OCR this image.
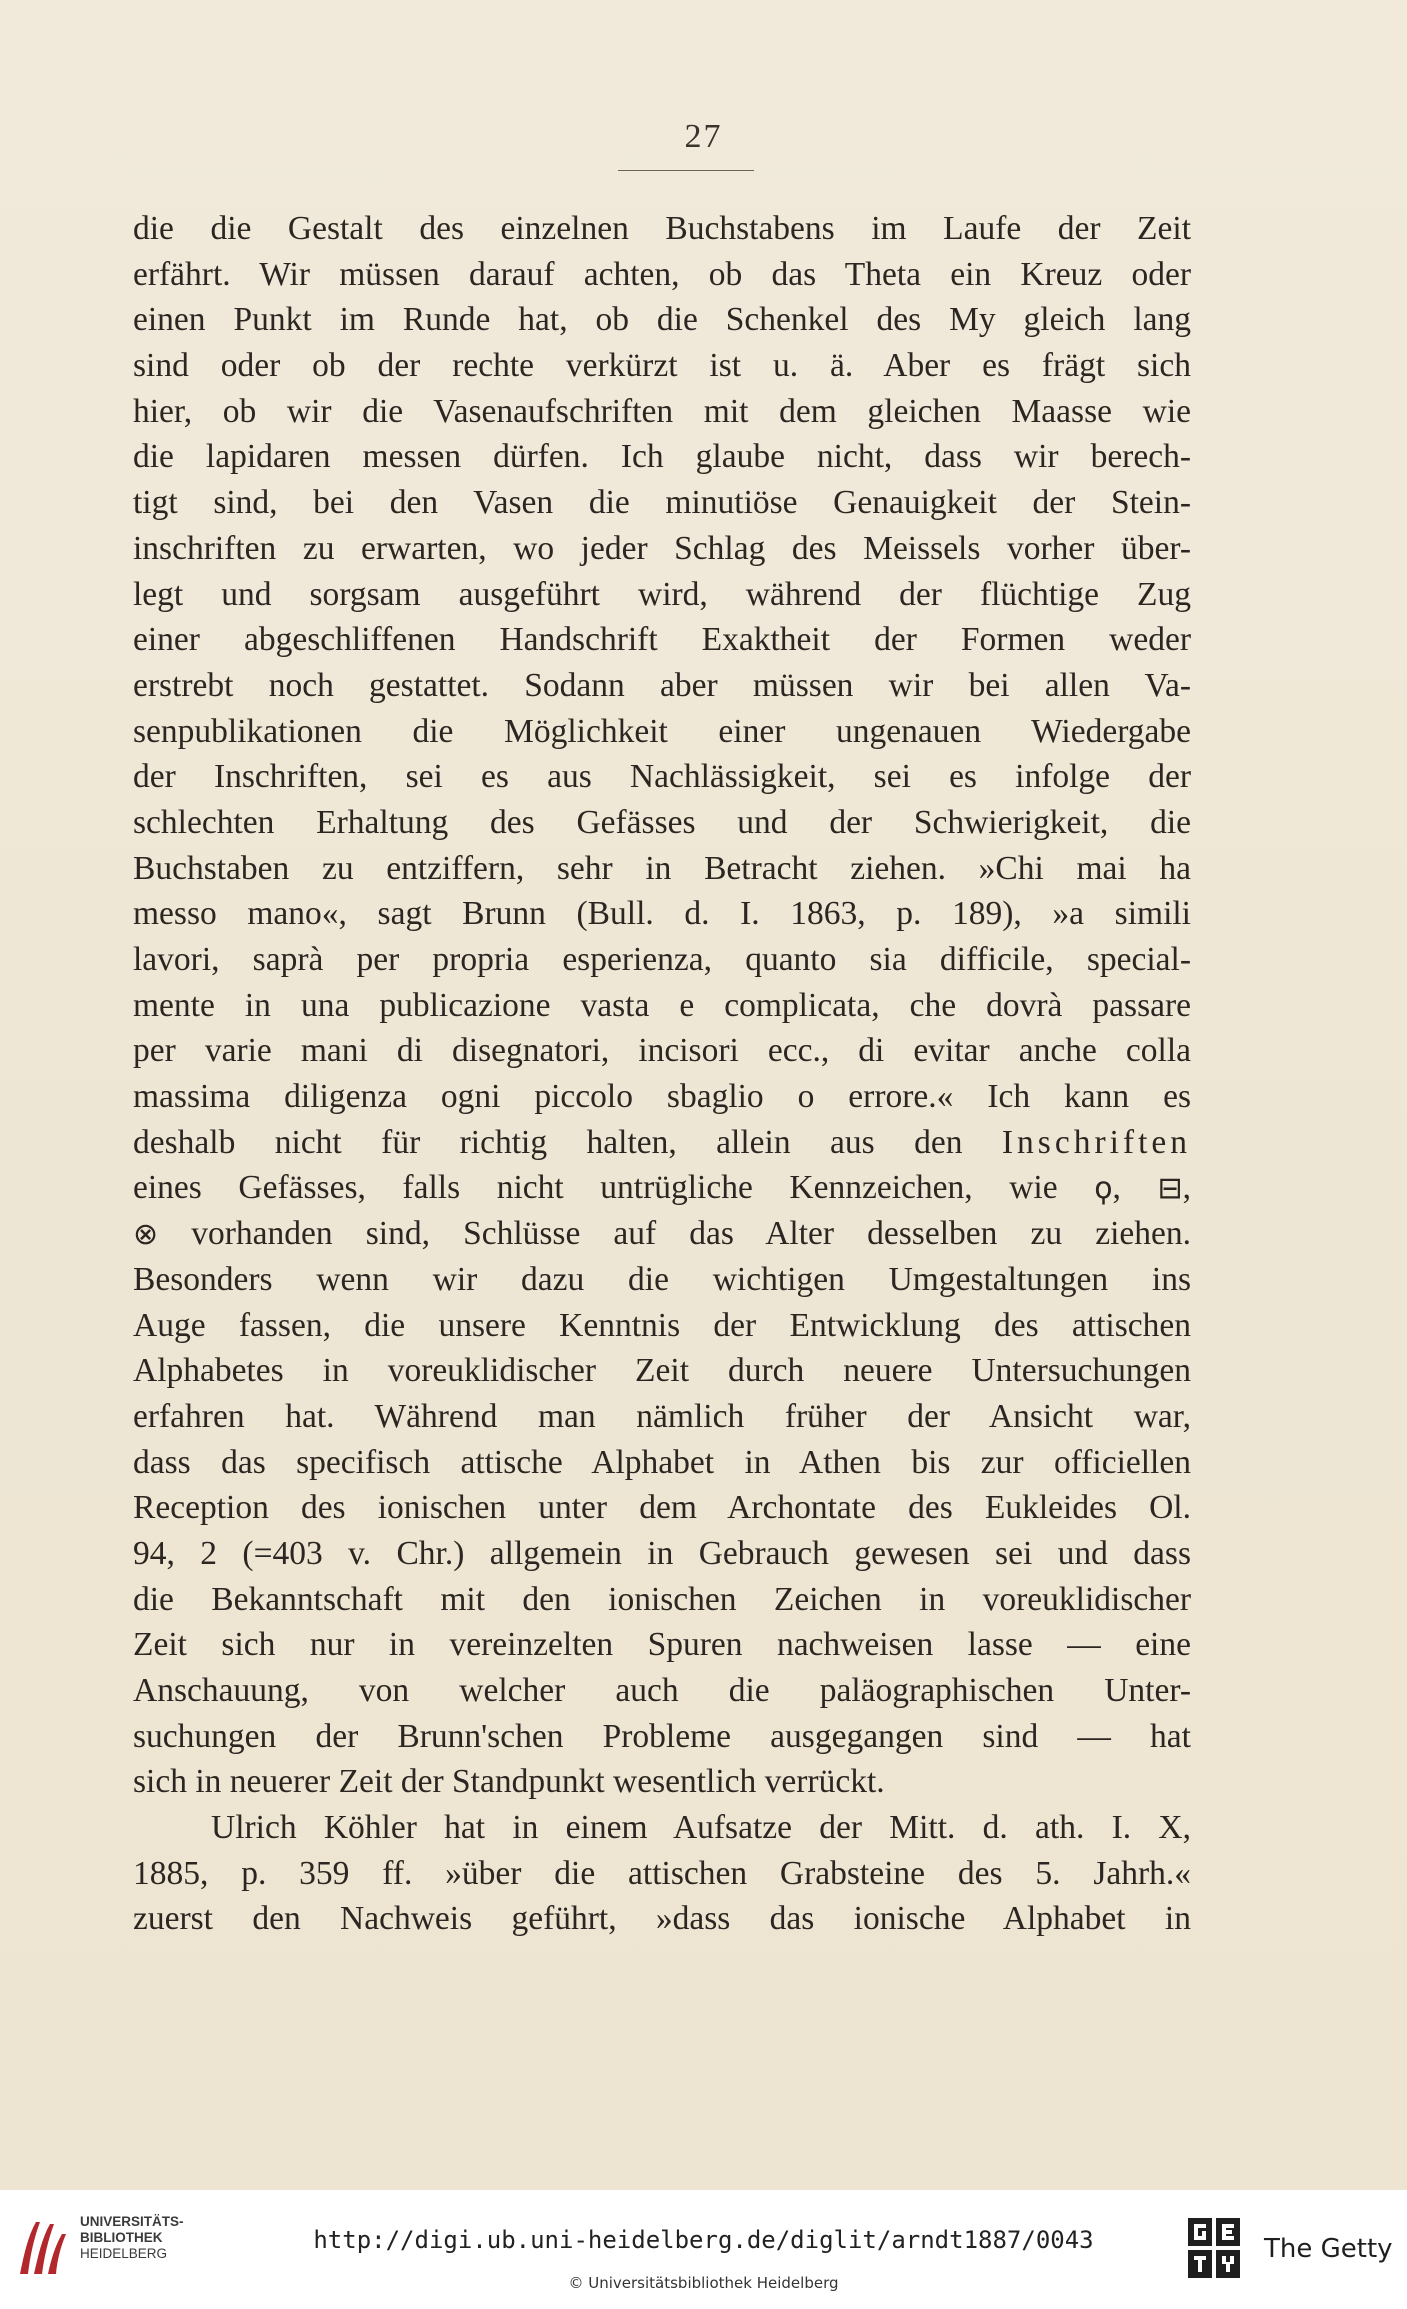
27
die die Gestalt des einzelnen Buchstabens im Laufe der Zeit
erfährt. Wir müssen darauf achten, ob das Theta ein Kreuz oder
einen Punkt im Runde hat, ob die Schenkel des My gleich lang
sind oder ob der rechte verkürzt ist u. ä. Aber es frägt sich
hier, ob wir die Vasenaufschriften mit dem gleichen Maasse wie
die lapidaren messen dürfen. Ich glaube nicht, dass wir berech-
tigt sind, bei den Vasen die minutiöse Genauigkeit der Stein-
inschriften zu erwarten, wo jeder Schlag des Meissels vorher über-
legt und sorgsam ausgeführt wird, während der flüchtige Zug
einer abgeschliffenen Handschrift Exaktheit der Formen weder
erstrebt noch gestattet. Sodann aber müssen wir bei allen Va-
senpublikationen die Möglichkeit einer ungenauen Wiedergabe
der Inschriften, sei es aus Nachlässigkeit, sei es infolge der
schlechten Erhaltung des Gefässes und der Schwierigkeit, die
Buchstaben zu entziffern, sehr in Betracht ziehen. »Chi mai ha
messo mano«, sagt Brunn (Bull. d. I. 1863, p. 189), »a simili
lavori, saprà per propria esperienza, quanto sia difficile, special-
mente in una publicazione vasta e complicata, che dovrà passare
per varie mani di disegnatori, incisori ecc., di evitar anche colla
massima diligenza ogni piccolo sbaglio o errore.« Ich kann es
deshalb nicht für richtig halten, allein aus den Inschriften
eines Gefässes, falls nicht untrügliche Kennzeichen, wie ϙ, ⊟,
⊗ vorhanden sind, Schlüsse auf das Alter desselben zu ziehen.
Besonders wenn wir dazu die wichtigen Umgestaltungen ins
Auge fassen, die unsere Kenntnis der Entwicklung des attischen
Alphabetes in voreuklidischer Zeit durch neuere Untersuchungen
erfahren hat. Während man nämlich früher der Ansicht war,
dass das specifisch attische Alphabet in Athen bis zur officiellen
Reception des ionischen unter dem Archontate des Eukleides Ol.
94, 2 (=403 v. Chr.) allgemein in Gebrauch gewesen sei und dass
die Bekanntschaft mit den ionischen Zeichen in voreuklidischer
Zeit sich nur in vereinzelten Spuren nachweisen lasse — eine
Anschauung, von welcher auch die paläographischen Unter-
suchungen der Brunn'schen Probleme ausgegangen sind — hat
sich in neuerer Zeit der Standpunkt wesentlich verrückt.
Ulrich Köhler hat in einem Aufsatze der Mitt. d. ath. I. X,
1885, p. 359 ff. »über die attischen Grabsteine des 5. Jahrh.«
zuerst den Nachweis geführt, »dass das ionische Alphabet in
UNIVERSITÄTS-
BIBLIOTHEK
HEIDELBERG	http://digi.ub.uni-heidelberg.de/diglit/arndt1887/0043
© Universitätsbibliothek Heidelberg
The Getty
